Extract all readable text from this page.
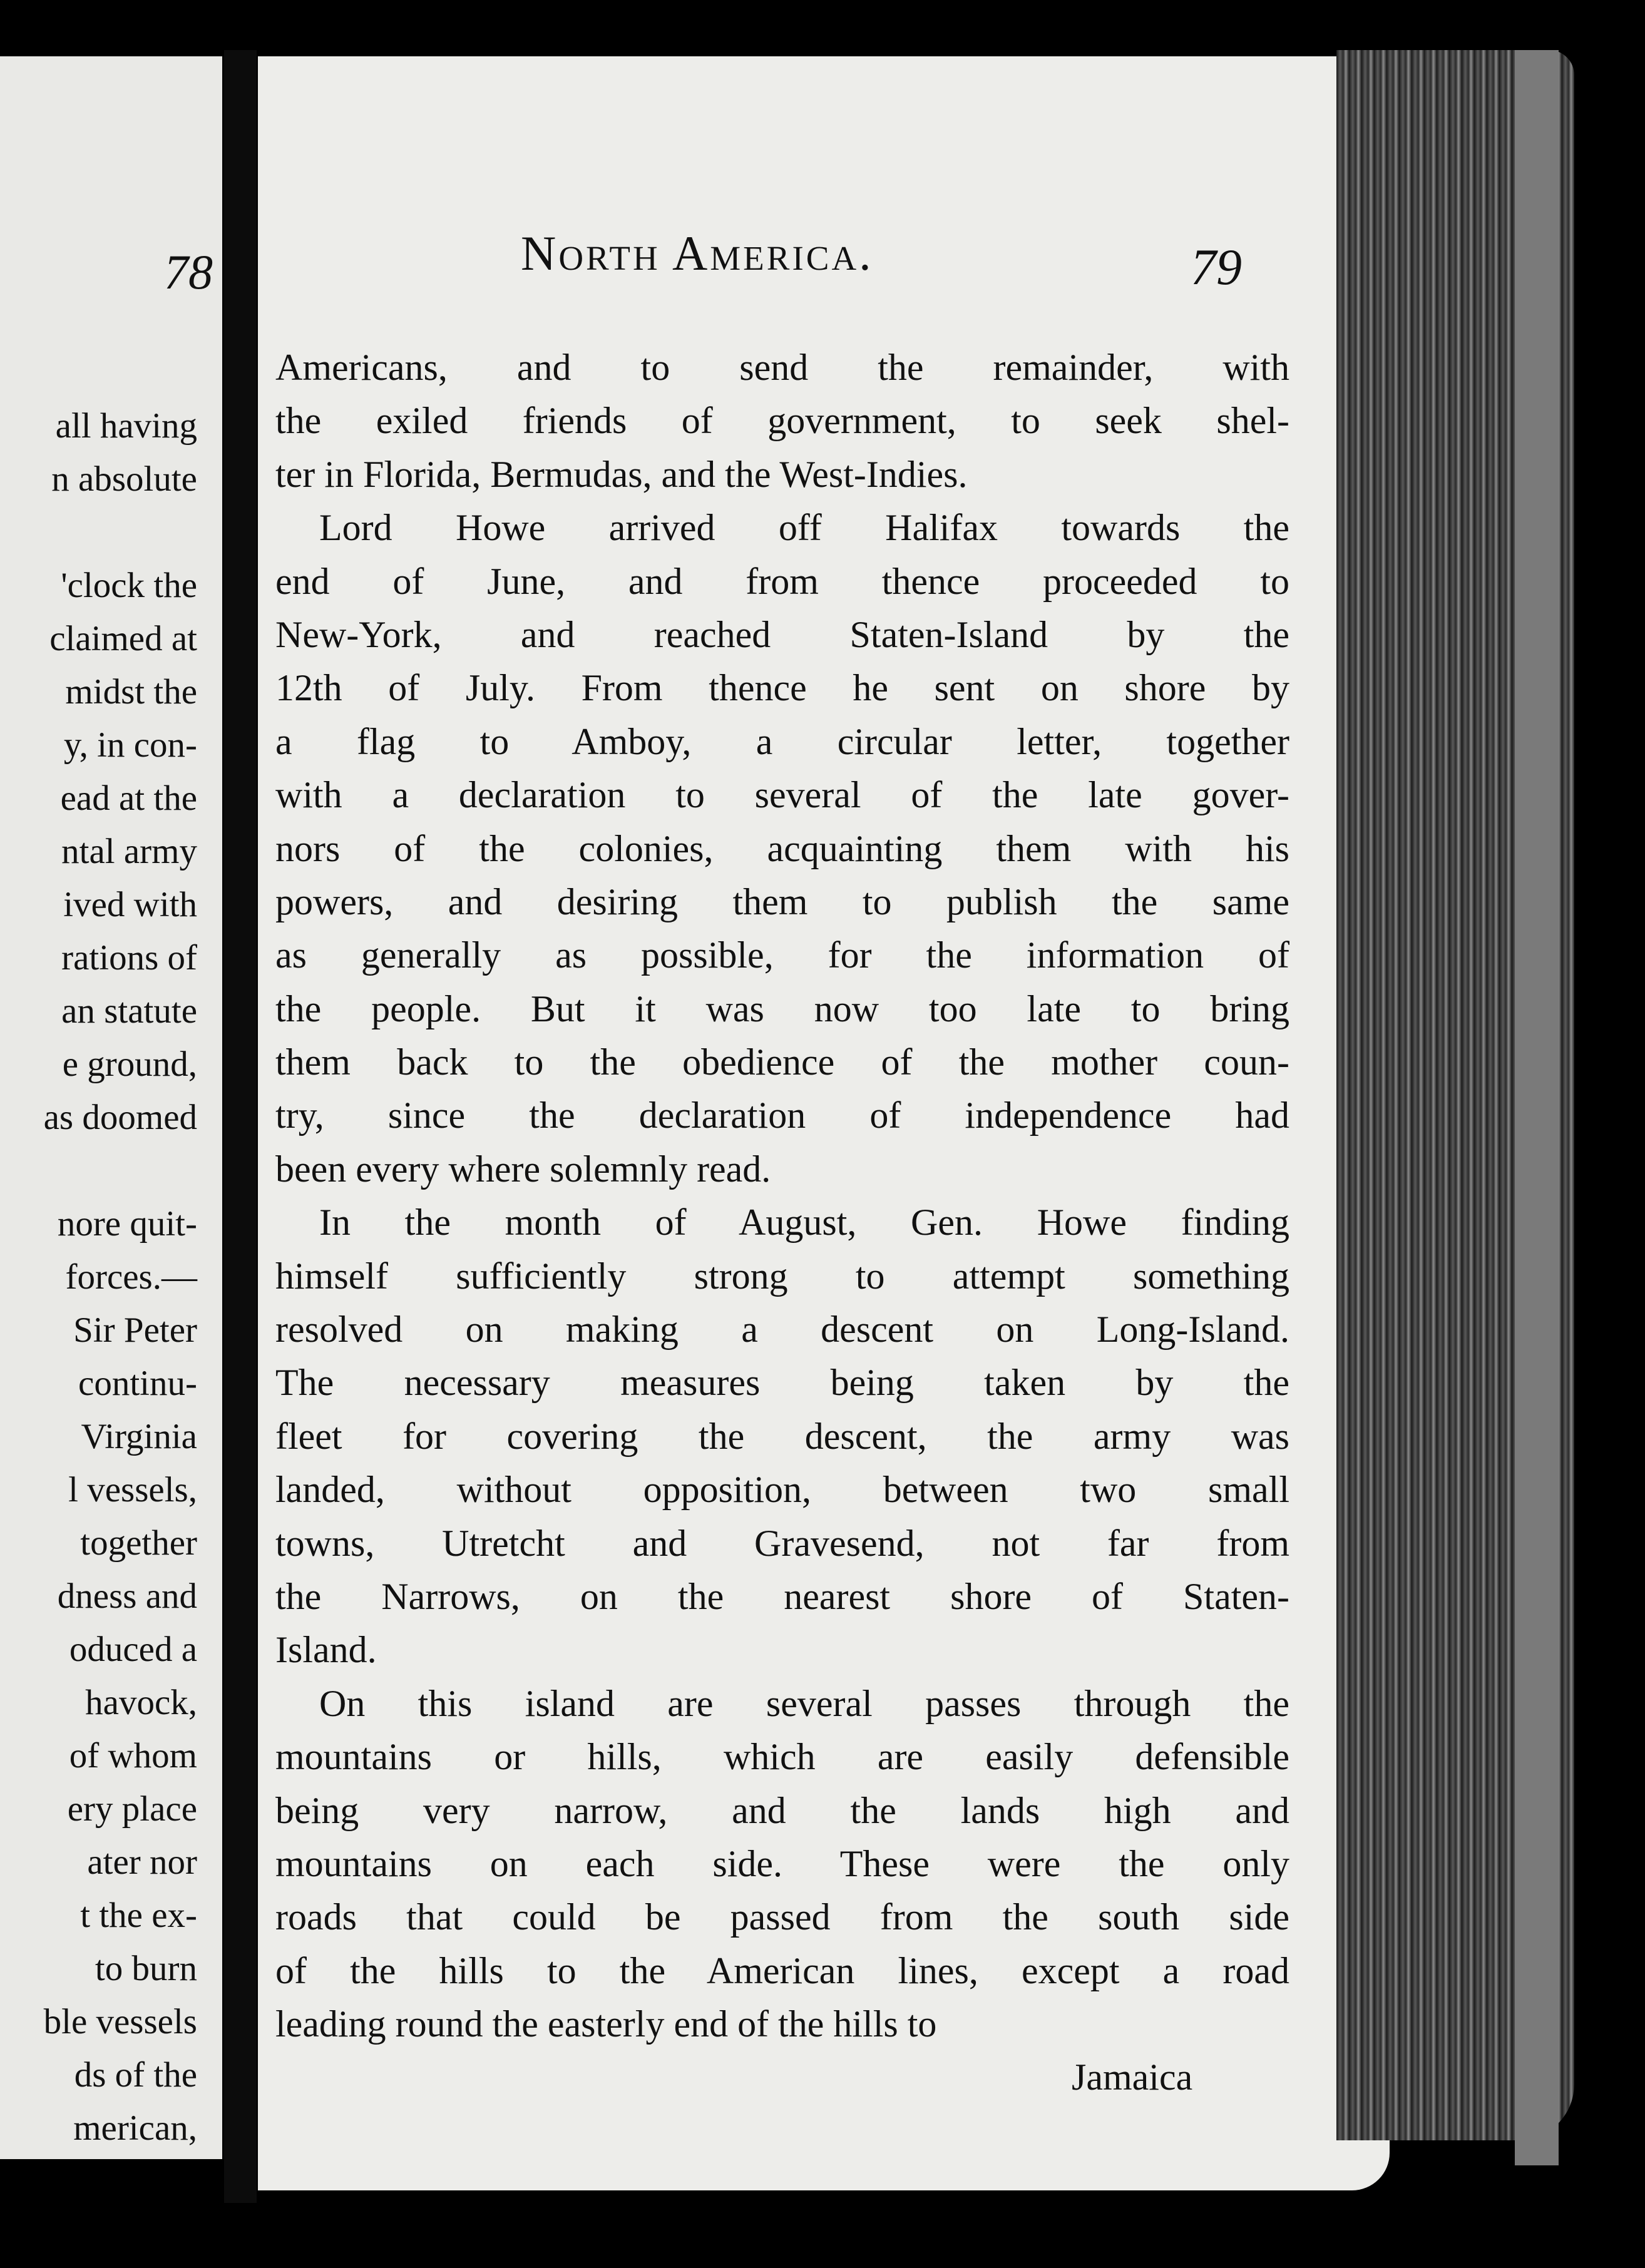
78
all having
n absolute
'clock the
claimed at
midst the
y, in con-
ead at the
ntal army
ived with
rations of
an statute
e ground,
as doomed
nore quit-
forces.—
Sir Peter
continu-
Virginia
l vessels,
together
dness and
oduced a
havock,
of whom
ery place
ater nor
t the ex-
to burn
ble vessels
ds of the
merican,
North America.	79
Americans, and to send the remainder, with
the exiled friends of government, to seek shel-
ter in Florida, Bermudas, and the West-Indies.
Lord Howe arrived off Halifax towards the
end of June, and from thence proceeded to
New-York, and reached Staten-Island by the
12th of July. From thence he sent on shore by
a flag to Amboy, a circular letter, together
with a declaration to several of the late gover-
nors of the colonies, acquainting them with his
powers, and desiring them to publish the same
as generally as possible, for the information of
the people. But it was now too late to bring
them back to the obedience of the mother coun-
try, since the declaration of independence had
been every where solemnly read.
In the month of August, Gen. Howe finding
himself sufficiently strong to attempt something
resolved on making a descent on Long-Island.
The necessary measures being taken by the
fleet for covering the descent, the army was
landed, without opposition, between two small
towns, Utretcht and Gravesend, not far from
the Narrows, on the nearest shore of Staten-
Island.
On this island are several passes through the
mountains or hills, which are easily defensible
being very narrow, and the lands high and
mountains on each side. These were the only
roads that could be passed from the south side
of the hills to the American lines, except a road
leading round the easterly end of the hills to
Jamaica
